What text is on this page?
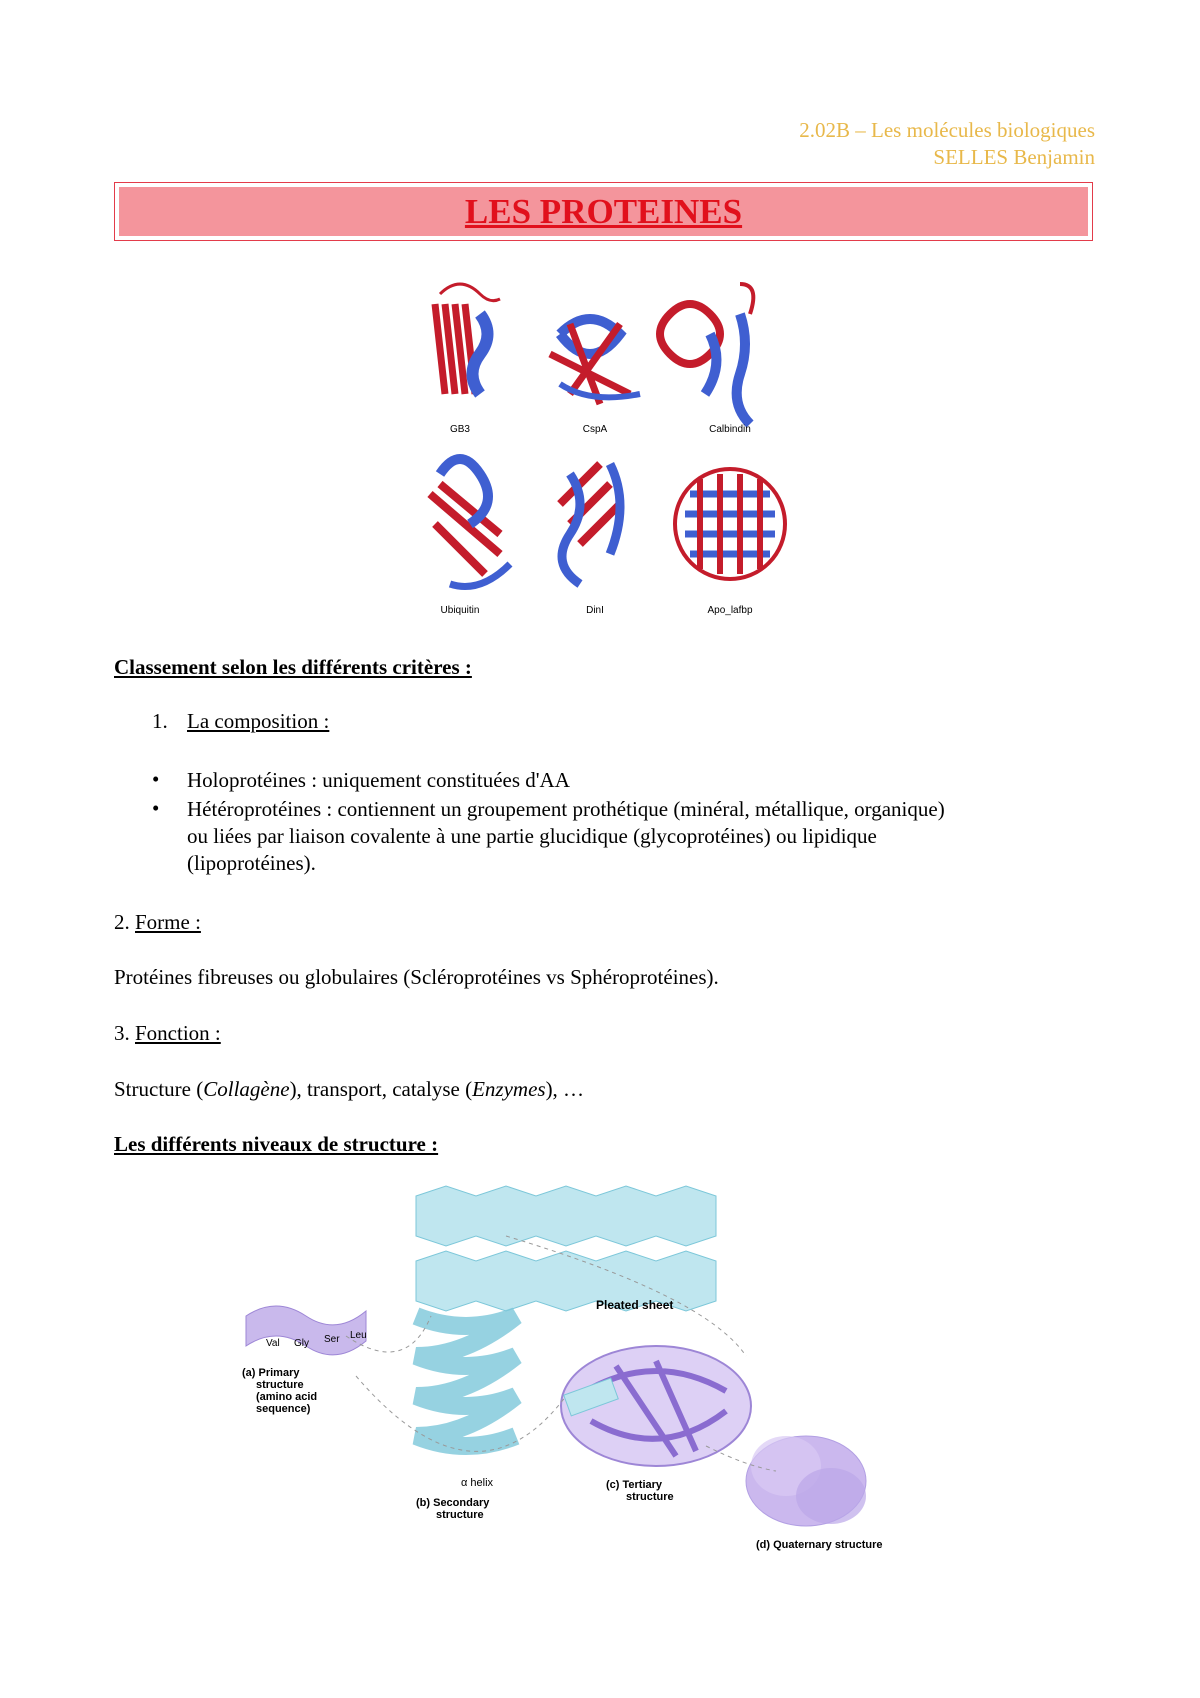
2.02B – Les molécules biologiques
SELLES Benjamin
LES PROTEINES
GB3	CspA	Calbindin
Ubiquitin	DinI	Apo_lafbp
Classement selon les différents critères :
1. La composition :
• Holoprotéines : uniquement constituées d'AA
• Hétéroprotéines : contiennent un groupement prothétique (minéral, métallique, organique)
ou liées par liaison covalente à une partie glucidique (glycoprotéines) ou lipidique
(lipoprotéines).
2. Forme :
Protéines fibreuses ou globulaires (Scléroprotéines vs Sphéroprotéines).
3. Fonction :
Structure (Collagène), transport, catalyse (Enzymes), …
Les différents niveaux de structure :
Pleated sheet
Val Gly Ser Leu
(a) Primary
structure
(amino acid
sequence)
α helix
(b) Secondary
structure
(c) Tertiary
structure
(d) Quaternary structure
